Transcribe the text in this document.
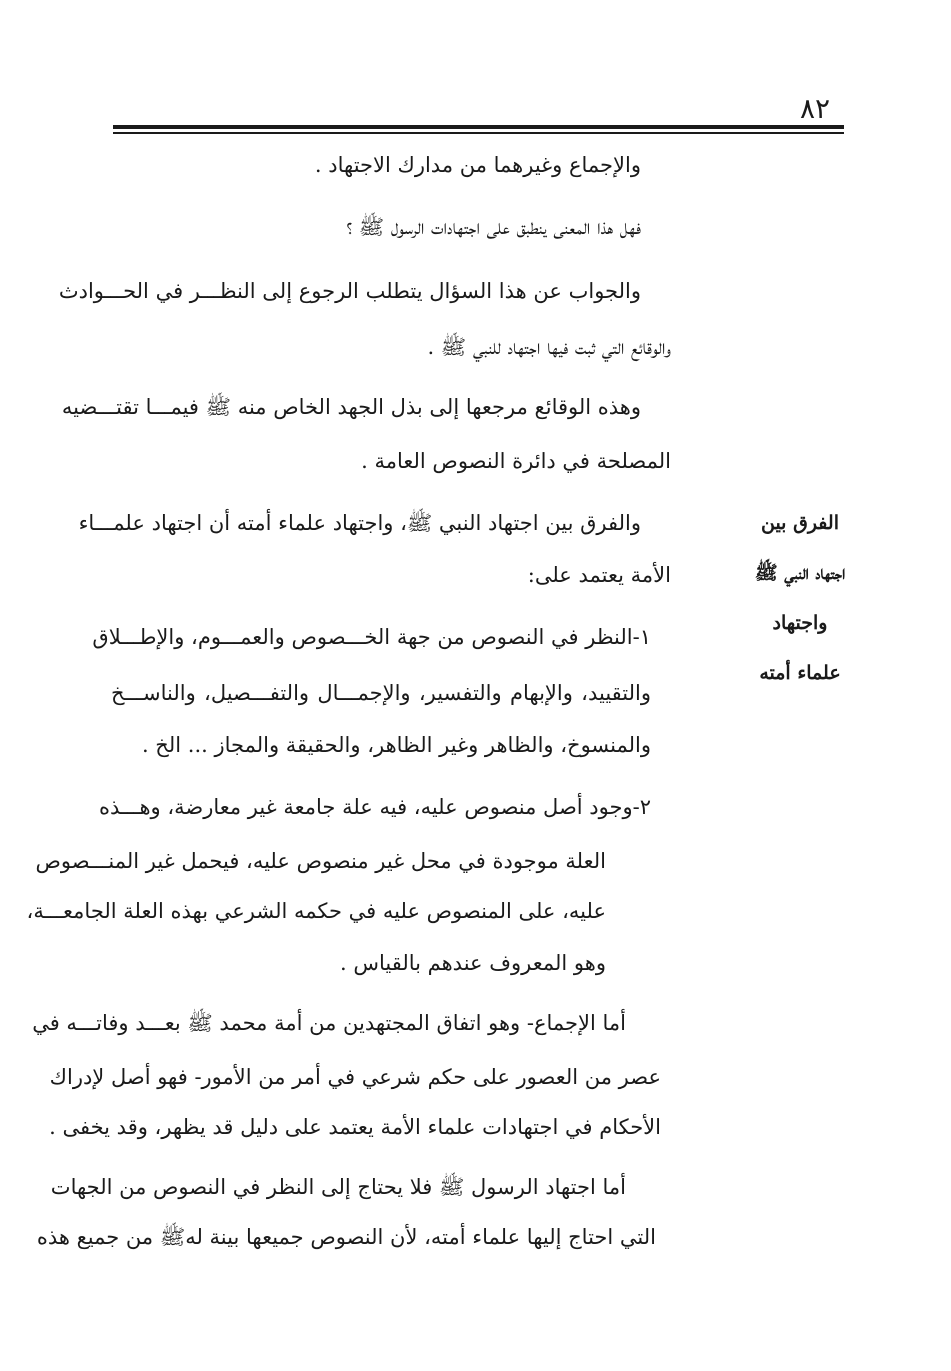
٨٢
الفرق بين
اجتهاد النبي ﷺ
واجتهاد
علماء أمته
والإجماع وغيرهما من مدارك الاجتهاد .
فهل هذا المعنى ينطبق على اجتهادات الرسول ﷺ ؟
والجواب عن هذا السؤال يتطلب الرجوع إلى النظـــر في الحـــوادث
والوقائع التي ثبت فيها اجتهاد للنبي ﷺ .
وهذه الوقائع مرجعها إلى بذل الجهد الخاص منه ﷺ فيمـــا تقتـــضيه
المصلحة في دائرة النصوص العامة .
والفرق بين اجتهاد النبي ﷺ، واجتهاد علماء أمته أن اجتهاد علمـــاء
الأمة يعتمد على:
١-النظر في النصوص من جهة الخـــصوص والعمـــوم، والإطـــلاق
والتقييد، والإبهام والتفسير، والإجمـــال والتفـــصيل، والناســـخ
والمنسوخ، والظاهر وغير الظاهر، والحقيقة والمجاز ... الخ .
٢-وجود أصل منصوص عليه، فيه علة جامعة غير معارضة، وهـــذه
العلة موجودة في محل غير منصوص عليه، فيحمل غير المنـــصوص
عليه، على المنصوص عليه في حكمه الشرعي بهذه العلة الجامعـــة،
وهو المعروف عندهم بالقياس .
أما الإجماع- وهو اتفاق المجتهدين من أمة محمد ﷺ بعـــد وفاتـــه في
عصر من العصور على حكم شرعي في أمر من الأمور- فهو أصل لإدراك
الأحكام في اجتهادات علماء الأمة يعتمد على دليل قد يظهر، وقد يخفى .
أما اجتهاد الرسول ﷺ فلا يحتاج إلى النظر في النصوص من الجهات
التي احتاج إليها علماء أمته، لأن النصوص جميعها بينة لهﷺ من جميع هذه
